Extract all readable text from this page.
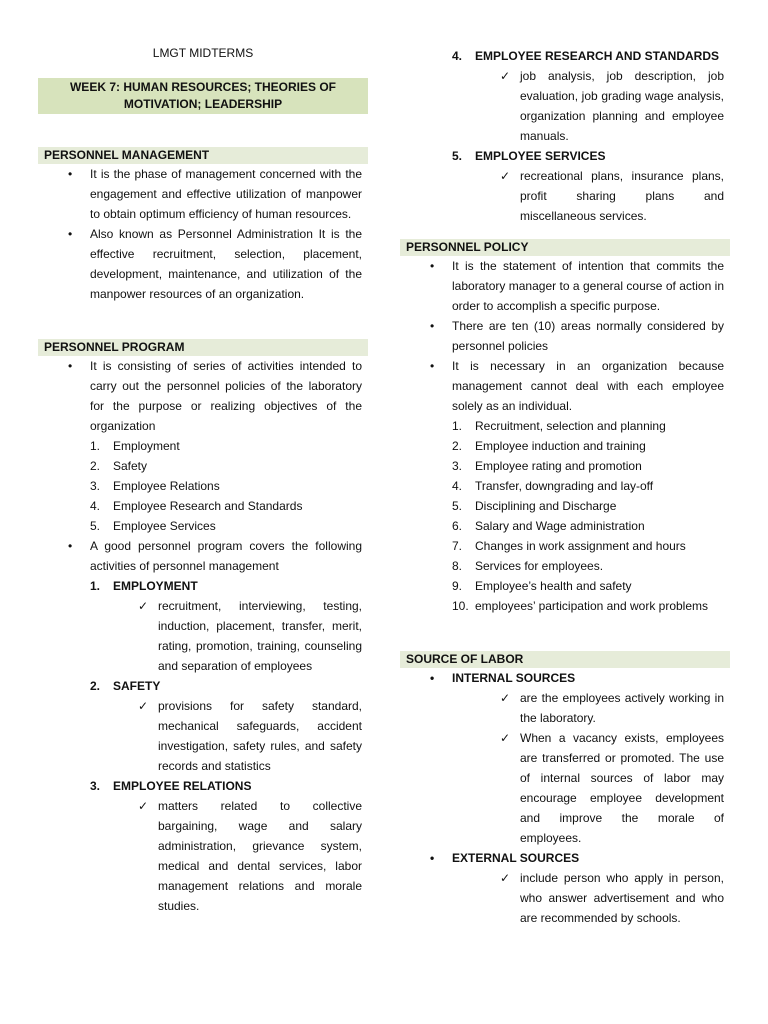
LMGT MIDTERMS
WEEK 7: HUMAN RESOURCES; THEORIES OF MOTIVATION; LEADERSHIP
PERSONNEL MANAGEMENT
• It is the phase of management concerned with the engagement and effective utilization of manpower to obtain optimum efficiency of human resources.
• Also known as Personnel Administration It is the effective recruitment, selection, placement, development, maintenance, and utilization of the manpower resources of an organization.
PERSONNEL PROGRAM
• It is consisting of series of activities intended to carry out the personnel policies of the laboratory for the purpose or realizing objectives of the organization
1. Employment
2. Safety
3. Employee Relations
4. Employee Research and Standards
5. Employee Services
• A good personnel program covers the following activities of personnel management
1. EMPLOYMENT
✓ recruitment, interviewing, testing, induction, placement, transfer, merit, rating, promotion, training, counseling and separation of employees
2. SAFETY
✓ provisions for safety standard, mechanical safeguards, accident investigation, safety rules, and safety records and statistics
3. EMPLOYEE RELATIONS
✓ matters related to collective bargaining, wage and salary administration, grievance system, medical and dental services, labor management relations and morale studies.
4. EMPLOYEE RESEARCH AND STANDARDS
✓ job analysis, job description, job evaluation, job grading wage analysis, organization planning and employee manuals.
5. EMPLOYEE SERVICES
✓ recreational plans, insurance plans, profit sharing plans and miscellaneous services.
PERSONNEL POLICY
• It is the statement of intention that commits the laboratory manager to a general course of action in order to accomplish a specific purpose.
• There are ten (10) areas normally considered by personnel policies
• It is necessary in an organization because management cannot deal with each employee solely as an individual.
1. Recruitment, selection and planning
2. Employee induction and training
3. Employee rating and promotion
4. Transfer, downgrading and lay-off
5. Disciplining and Discharge
6. Salary and Wage administration
7. Changes in work assignment and hours
8. Services for employees.
9. Employee’s health and safety
10. employees’ participation and work problems
SOURCE OF LABOR
• INTERNAL SOURCES
✓ are the employees actively working in the laboratory.
✓ When a vacancy exists, employees are transferred or promoted. The use of internal sources of labor may encourage employee development and improve the morale of employees.
• EXTERNAL SOURCES
✓ include person who apply in person, who answer advertisement and who are recommended by schools.
